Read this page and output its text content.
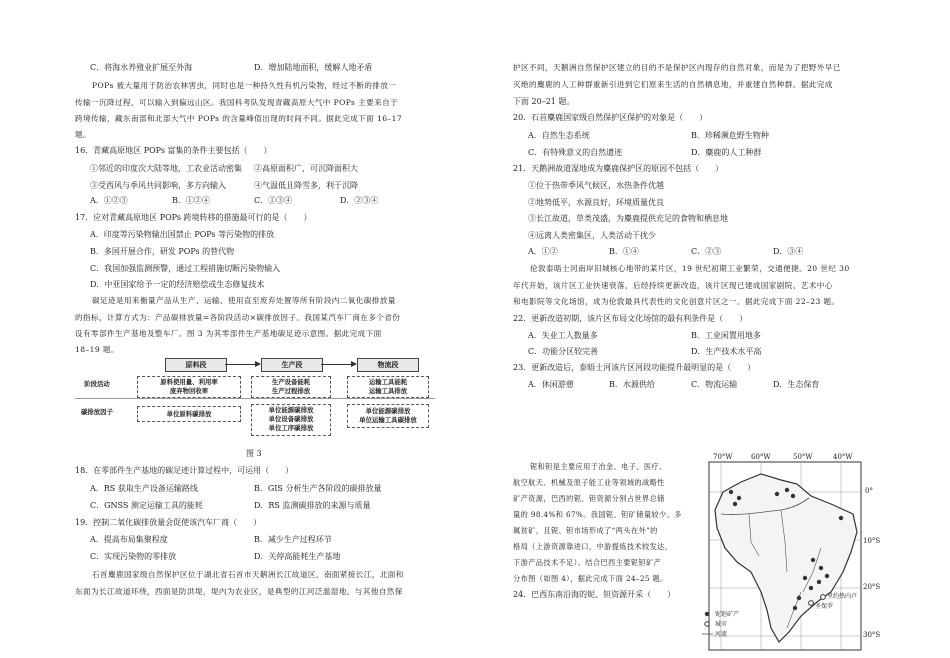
C．将海水养殖业扩展至外海	D．增加陆地面积，缓解人地矛盾
POPs 被大量用于防治农林害虫，同时也是一种持久性有机污染物，经过不断的排放一
传输一沉降过程，可以输入到偏远山区。我国科考队发现青藏高原大气中 POPs 主要来自于
跨境传输，藏东南部和北部大气中 POPs 的含量峰值出现的时间不同。据此完成下面 16–17
题。
16．青藏高原地区 POPs 富集的条件主要包括（　　）
①邻近的印度次大陆等地，工农业活动密集 ②高原面积广，可沉降面积大
③受西风与季风共同影响，多方向输入	④气温低且降雪多，利于沉降
A．①②③	B．①②④	C．①③④	D．②③④
17．应对青藏高原地区 POPs 跨境转移的措施最可行的是（　　）
A．印度等污染物输出国禁止 POPs 等污染物的排放
B．多国开展合作，研发 POPs 的替代物
C．我国加强监测预警，通过工程措施切断污染物输入
D．中亚国家给予一定的经济赔偿或生态修复技术
碳足迹是用来衡量产品从生产、运输、使用直至废弃处置等所有阶段内二氧化碳排放量
的指标，计算方式为：产品碳排放量=各阶段活动×碳排放因子。我国某汽车厂商在多个省份
设有零部件生产基地及整车厂。图 3 为其零部件生产基地碳足迹示意图。据此完成下面
18–19 题。
原料段	生产段	物流段
阶段活动
碳排放因子
原料使用量、利用率
废弃物回收率
生产设备能耗
生产过程排放
运输工具能耗
运输工具排放
单位原料碳排放	单位能源碳排放
单位设备碳排放
单位工序碳排放
单位能源碳排放
单位运输工具碳排放
图 3
18．在零部件生产基地的碳足迹计算过程中，可运用（　　）
A．RS 获取生产设备运输路线	B．GIS 分析生产各阶段的碳排放量
C．GNSS 测定运输工具的能耗	D．RS 监测碳排放的来源与质量
19．控制二氧化碳排放量会促使该汽车厂商（　　）
A．提高布局集聚程度	B．减少生产过程环节
C．实现污染物的零排放	D．关停高能耗生产基地
石首麋鹿国家级自然保护区位于湖北省石首市天鹅洲长江故道区，南面紧接长江，北面和
东面为长江故道环绕，西面是防洪堤，堤内为农业区，是典型的江河泛滥湿地。与其他自然保
护区不同，天鹅洲自然保护区建立的目的不是保护区内现存的自然对象，而是为了把野外早已
灭绝的麋鹿的人工种群重新引进到它们原来生活的自然栖息地，并重建自然种群。据此完成
下面 20–21 题。
20．石首麋鹿国家级自然保护区保护的对象是（　　）
A．自然生态系统	B．珍稀濒危野生物种
C．有特殊意义的自然遗迹	D．麋鹿的人工种群
21．天鹅洲故道湿地成为麋鹿保护区的原因不包括（　　）
①位于热带季风气候区，水热条件优越
②地势低平，水源良好，环境质量优良
③长江故道，草类茂盛，为麋鹿提供充足的食物和栖息地
④远离人类密集区，人类活动干扰少
A．①②	B．①④	C．②③	D．③④
伦敦泰晤士河南岸旧城核心地带的某片区，19 世纪初期工业繁荣，交通便捷。20 世纪 30
年代开始，该片区工业快速衰落，后经持续更新改造，该片区现已建成国家剧院、艺术中心
和电影院等文化场馆，成为伦敦最具代表性的文化创意片区之一。据此完成下面 22–23 题。
22．更新改造初期，该片区布局文化场馆的最有利条件是（　　）
A．失业工人数量多	B．工业闲置用地多
C．功能分区较完善	D．生产技术水平高
23．更新改造后，泰晤士河该片区河段功能提升最明显的是（　　）
A．休闲游憩	B．水源供给	C．物流运输	D．生态保育
铌和钽是主要应用于冶金、电子、医疗、
航空航天、机械及原子能工业等领域的战略性
矿产资源，巴西的铌、钽资源分别占世界总储
量的 98.4%和 67%。我国铌、钽矿储量较少、多
属贫矿，且铌、钽市场形成了“两头在外”的
格局（上游资源靠进口，中游提炼技术较发达，
下游产品技术不足）。结合巴西主要铌钽矿产
分布图（如图 4），据此完成下面 24–25 题。
24．巴西东南沿海的铌、钽资源开采（　　）
70°W	60°W	50°W	40°W
0°
10°S
20°S
30°S
里约热内卢
圣保罗
铌钽矿产
城市
河流
